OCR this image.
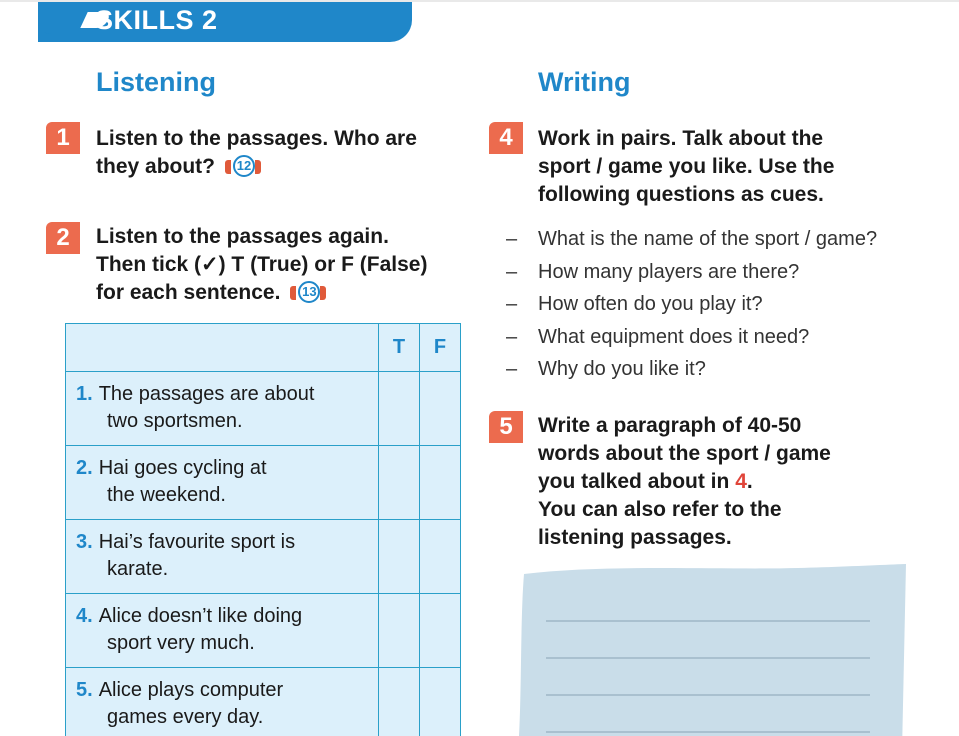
SKILLS 2
Listening
1	Listen to the passages. Who are
they about? 12
2	Listen to the passages again.
Then tick (✓) T (True) or F (False)
for each sentence. 13
	T	F

1. The passages are about
two sportsmen.		

2. Hai goes cycling at
the weekend.		

3. Hai’s favourite sport is
karate.		

4. Alice doesn’t like doing
sport very much.		

5. Alice plays computer
games every day.		

Writing
4	Work in pairs. Talk about the
sport / game you like. Use the
following questions as cues.
– What is the name of the sport / game?
– How many players are there?
– How often do you play it?
– What equipment does it need?
– Why do you like it?
5	Write a paragraph of 40-50
words about the sport / game
you talked about in 4.
You can also refer to the
listening passages.
